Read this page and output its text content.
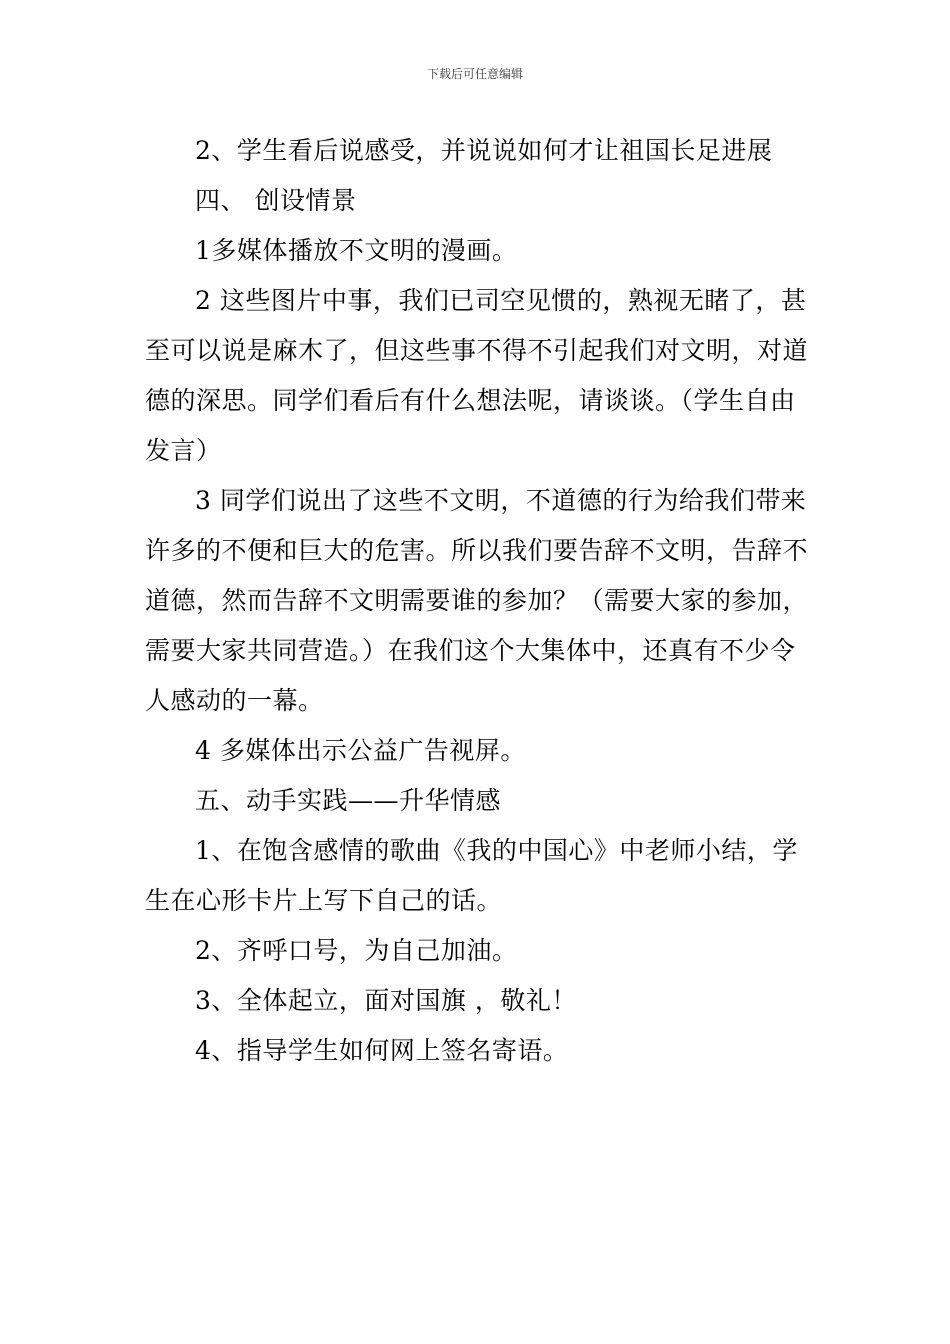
下载后可任意编辑

2、学生看后说感受，并说说如何才让祖国长足进展

四、 创设情景

1多媒体播放不文明的漫画。

2 这些图片中事，我们已司空见惯的，熟视无睹了，甚至可以说是麻木了，但这些事不得不引起我们对文明，对道德的深思。同学们看后有什么想法呢，请谈谈。（学生自由发言）

3 同学们说出了这些不文明，不道德的行为给我们带来许多的不便和巨大的危害。所以我们要告辞不文明，告辞不道德，然而告辞不文明需要谁的参加？（需要大家的参加，需要大家共同营造。）在我们这个大集体中，还真有不少令人感动的一幕。

4 多媒体出示公益广告视屏。

五、动手实践——升华情感

1、在饱含感情的歌曲《我的中国心》中老师小结，学生在心形卡片上写下自己的话。

2、齐呼口号，为自己加油。

3、全体起立，面对国旗 ，敬礼！

4、指导学生如何网上签名寄语。
